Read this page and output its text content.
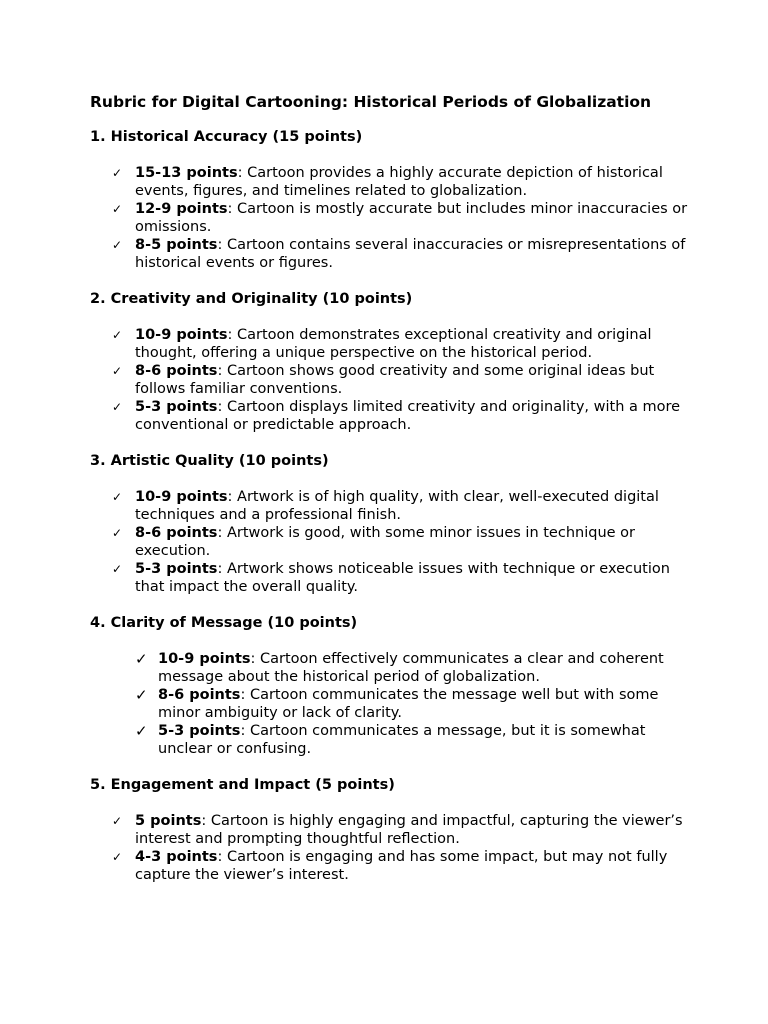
Rubric for Digital Cartooning: Historical Periods of Globalization
1. Historical Accuracy (15 points)
✓ 15-13 points: Cartoon provides a highly accurate depiction of historical events, figures, and timelines related to globalization.
✓ 12-9 points: Cartoon is mostly accurate but includes minor inaccuracies or omissions.
✓ 8-5 points: Cartoon contains several inaccuracies or misrepresentations of historical events or figures.
2. Creativity and Originality (10 points)
✓ 10-9 points: Cartoon demonstrates exceptional creativity and original thought, offering a unique perspective on the historical period.
✓ 8-6 points: Cartoon shows good creativity and some original ideas but follows familiar conventions.
✓ 5-3 points: Cartoon displays limited creativity and originality, with a more conventional or predictable approach.
3. Artistic Quality (10 points)
✓ 10-9 points: Artwork is of high quality, with clear, well-executed digital techniques and a professional finish.
✓ 8-6 points: Artwork is good, with some minor issues in technique or execution.
✓ 5-3 points: Artwork shows noticeable issues with technique or execution that impact the overall quality.
4. Clarity of Message (10 points)
✓ 10-9 points: Cartoon effectively communicates a clear and coherent message about the historical period of globalization.
✓ 8-6 points: Cartoon communicates the message well but with some minor ambiguity or lack of clarity.
✓ 5-3 points: Cartoon communicates a message, but it is somewhat unclear or confusing.
5. Engagement and Impact (5 points)
✓ 5 points: Cartoon is highly engaging and impactful, capturing the viewer’s interest and prompting thoughtful reflection.
✓ 4-3 points: Cartoon is engaging and has some impact, but may not fully capture the viewer’s interest.
